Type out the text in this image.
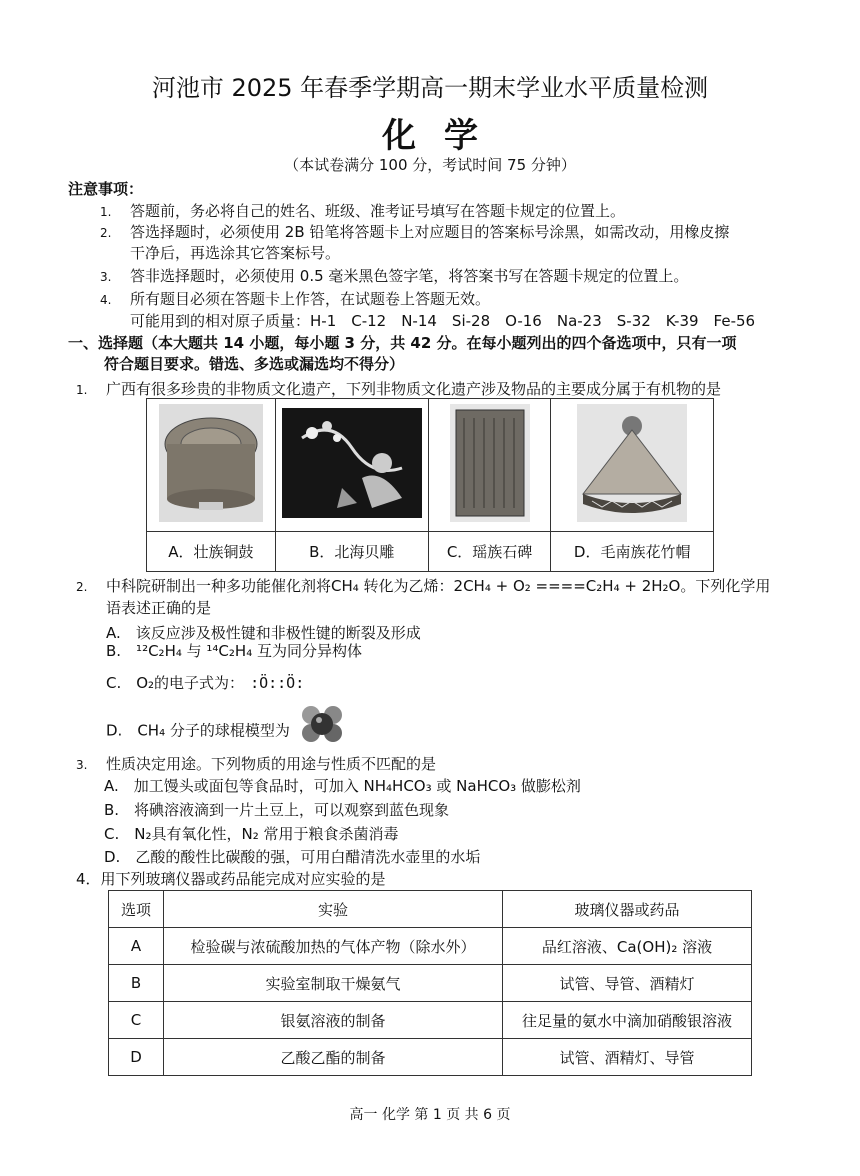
河池市 2025 年春季学期高一期末学业水平质量检测
化学
（本试卷满分 100 分，考试时间 75 分钟）
注意事项：
1. 答题前，务必将自己的姓名、班级、准考证号填写在答题卡规定的位置上。
2. 答选择题时，必须使用 2B 铅笔将答题卡上对应题目的答案标号涂黑，如需改动，用橡皮擦
干净后，再选涂其它答案标号。
3. 答非选择题时，必须使用 0.5 毫米黑色签字笔，将答案书写在答题卡规定的位置上。
4. 所有题目必须在答题卡上作答，在试题卷上答题无效。
可能用到的相对原子质量：H-1　C-12　N-14　Si-28　O-16　Na-23　S-32　K-39　Fe-56
一、选择题（本大题共 14 小题，每小题 3 分，共 42 分。在每小题列出的四个备选项中，只有一项
符合题目要求。错选、多选或漏选均不得分）
1. 广西有很多珍贵的非物质文化遗产，下列非物质文化遗产涉及物品的主要成分属于有机物的是

A．壮族铜鼓	B．北海贝雕	C．瑶族石碑	D．毛南族花竹帽
2. 中科院研制出一种多功能催化剂将CH₄ 转化为乙烯：2CH₄ + O₂ ====C₂H₄ + 2H₂O。下列化学用
语表述正确的是
A.　该反应涉及极性键和非极性键的断裂及形成
B.　¹²C₂H₄ 与 ¹⁴C₂H₄ 互为同分异构体
C.　O₂的电子式为： :Ö::Ö:
D.　CH₄ 分子的球棍模型为
3. 性质决定用途。下列物质的用途与性质不匹配的是
A.　加工馒头或面包等食品时，可加入 NH₄HCO₃ 或 NaHCO₃ 做膨松剂
B.　将碘溶液滴到一片土豆上，可以观察到蓝色现象
C.　N₂具有氧化性，N₂ 常用于粮食杀菌消毒
D.　乙酸的酸性比碳酸的强，可用白醋清洗水壶里的水垢
4．用下列玻璃仪器或药品能完成对应实验的是
选项	实验	玻璃仪器或药品
A	检验碳与浓硫酸加热的气体产物（除水外）	品红溶液、Ca(OH)₂ 溶液
B	实验室制取干燥氨气	试管、导管、酒精灯
C	银氨溶液的制备	往足量的氨水中滴加硝酸银溶液
D	乙酸乙酯的制备	试管、酒精灯、导管
高一 化学 第 1 页 共 6 页
